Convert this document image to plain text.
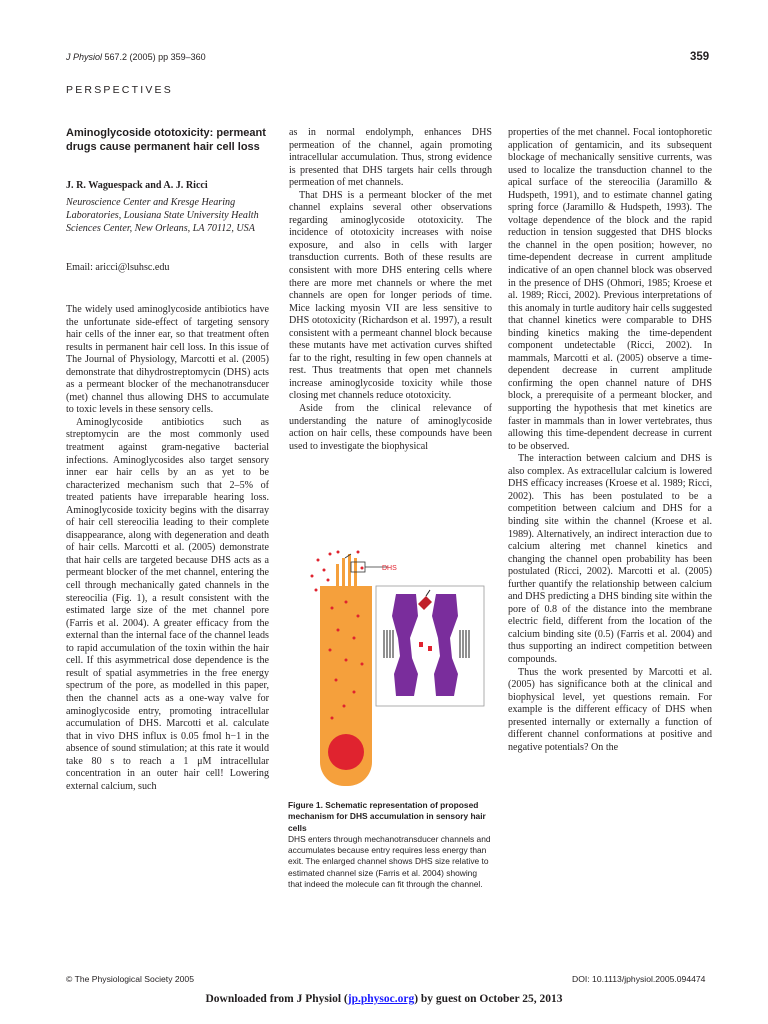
J Physiol 567.2 (2005) pp 359–360	359
PERSPECTIVES
Aminoglycoside ototoxicity: permeant drugs cause permanent hair cell loss
J. R. Waguespack and A. J. Ricci
Neuroscience Center and Kresge Hearing Laboratories, Lousiana State University Health Sciences Center, New Orleans, LA 70112, USA
Email: aricci@lsuhsc.edu

The widely used aminoglycoside antibiotics have the unfortunate side-effect of targeting sensory hair cells of the inner ear, so that treatment often results in permanent hair cell loss. In this issue of The Journal of Physiology, Marcotti et al. (2005) demonstrate that dihydrostreptomycin (DHS) acts as a permeant blocker of the mechanotransducer (met) channel thus allowing DHS to accumulate to toxic levels in these sensory cells.

Aminoglycoside antibiotics such as streptomycin are the most commonly used treatment against gram-negative bacterial infections. Aminoglycosides also target sensory inner ear hair cells by an as yet to be characterized mechanism such that 2–5% of treated patients have irreparable hearing loss. Aminoglycoside toxicity begins with the disarray of hair cell stereocilia leading to their complete disappearance, along with degeneration and death of hair cells. Marcotti et al. (2005) demonstrate that hair cells are targeted because DHS acts as a permeant blocker of the met channel, entering the cell through mechanically gated channels in the stereocilia (Fig. 1), a result consistent with the estimated large size of the met channel pore (Farris et al. 2004). A greater efficacy from the external than the internal face of the channel leads to rapid accumulation of the toxin within the hair cell. If this asymmetrical dose dependence is the result of spatial asymmetries in the free energy spectrum of the pore, as modelled in this paper, then the channel acts as a one-way valve for aminoglycoside entry, promoting intracellular accumulation of DHS. Marcotti et al. calculate that in vivo DHS influx is 0.05 fmol h−1 in the absence of sound stimulation; at this rate it would take 80 s to reach a 1 μM intracellular concentration in an outer hair cell! Lowering external calcium, such

as in normal endolymph, enhances DHS permeation of the channel, again promoting intracellular accumulation. Thus, strong evidence is presented that DHS targets hair cells through permeation of met channels.

That DHS is a permeant blocker of the met channel explains several other observations regarding aminoglycoside ototoxicity. The incidence of ototoxicity increases with noise exposure, and also in cells with larger transduction currents. Both of these results are consistent with more DHS entering cells where there are more met channels or where the met channels are open for longer periods of time. Mice lacking myosin VII are less sensitive to DHS ototoxicity (Richardson et al. 1997), a result consistent with a permeant channel block because these mutants have met activation curves shifted far to the right, resulting in few open channels at rest. Thus treatments that open met channels increase aminoglycoside toxicity while those closing met channels reduce ototoxicity.

Aside from the clinical relevance of understanding the nature of aminoglycoside action on hair cells, these compounds have been used to investigate the biophysical

DHS
Figure 1. Schematic representation of proposed mechanism for DHS accumulation in sensory hair cells
DHS enters through mechanotransducer channels and accumulates because entry requires less energy than exit. The enlarged channel shows DHS size relative to estimated channel size (Farris et al. 2004) showing that indeed the molecule can fit through the channel.

properties of the met channel. Focal iontophoretic application of gentamicin, and its subsequent blockage of mechanically sensitive currents, was used to localize the transduction channel to the apical surface of the stereocilia (Jaramillo & Hudspeth, 1991), and to estimate channel gating spring force (Jaramillo & Hudspeth, 1993). The voltage dependence of the block and the rapid reduction in tension suggested that DHS blocks the channel in the open position; however, no time-dependent decrease in current amplitude indicative of an open channel block was observed in the presence of DHS (Ohmori, 1985; Kroese et al. 1989; Ricci, 2002). Previous interpretations of this anomaly in turtle auditory hair cells suggested that channel kinetics were comparable to DHS binding kinetics making the time-dependent component undetectable (Ricci, 2002). In mammals, Marcotti et al. (2005) observe a time-dependent decrease in current amplitude confirming the open channel nature of DHS block, a prerequisite of a permeant blocker, and supporting the hypothesis that met kinetics are faster in mammals than in lower vertebrates, thus allowing this time-dependent decrease in current to be observed.

The interaction between calcium and DHS is also complex. As extracellular calcium is lowered DHS efficacy increases (Kroese et al. 1989; Ricci, 2002). This has been postulated to be a competition between calcium and DHS for a binding site within the channel (Kroese et al. 1989). Alternatively, an indirect interaction due to calcium altering met channel kinetics and changing the channel open probability has been postulated (Ricci, 2002). Marcotti et al. (2005) further quantify the relationship between calcium and DHS predicting a DHS binding site within the pore of 0.8 of the distance into the membrane electric field, different from the location of the calcium binding site (0.5) (Farris et al. 2004) and thus supporting an indirect competition between compounds.

Thus the work presented by Marcotti et al. (2005) has significance both at the clinical and biophysical level, yet questions remain. For example is the different efficacy of DHS when presented internally or externally a function of different channel conformations at positive and negative potentials? On the

© The Physiological Society 2005	DOI: 10.1113/jphysiol.2005.094474
Downloaded from J Physiol (jp.physoc.org) by guest on October 25, 2013
